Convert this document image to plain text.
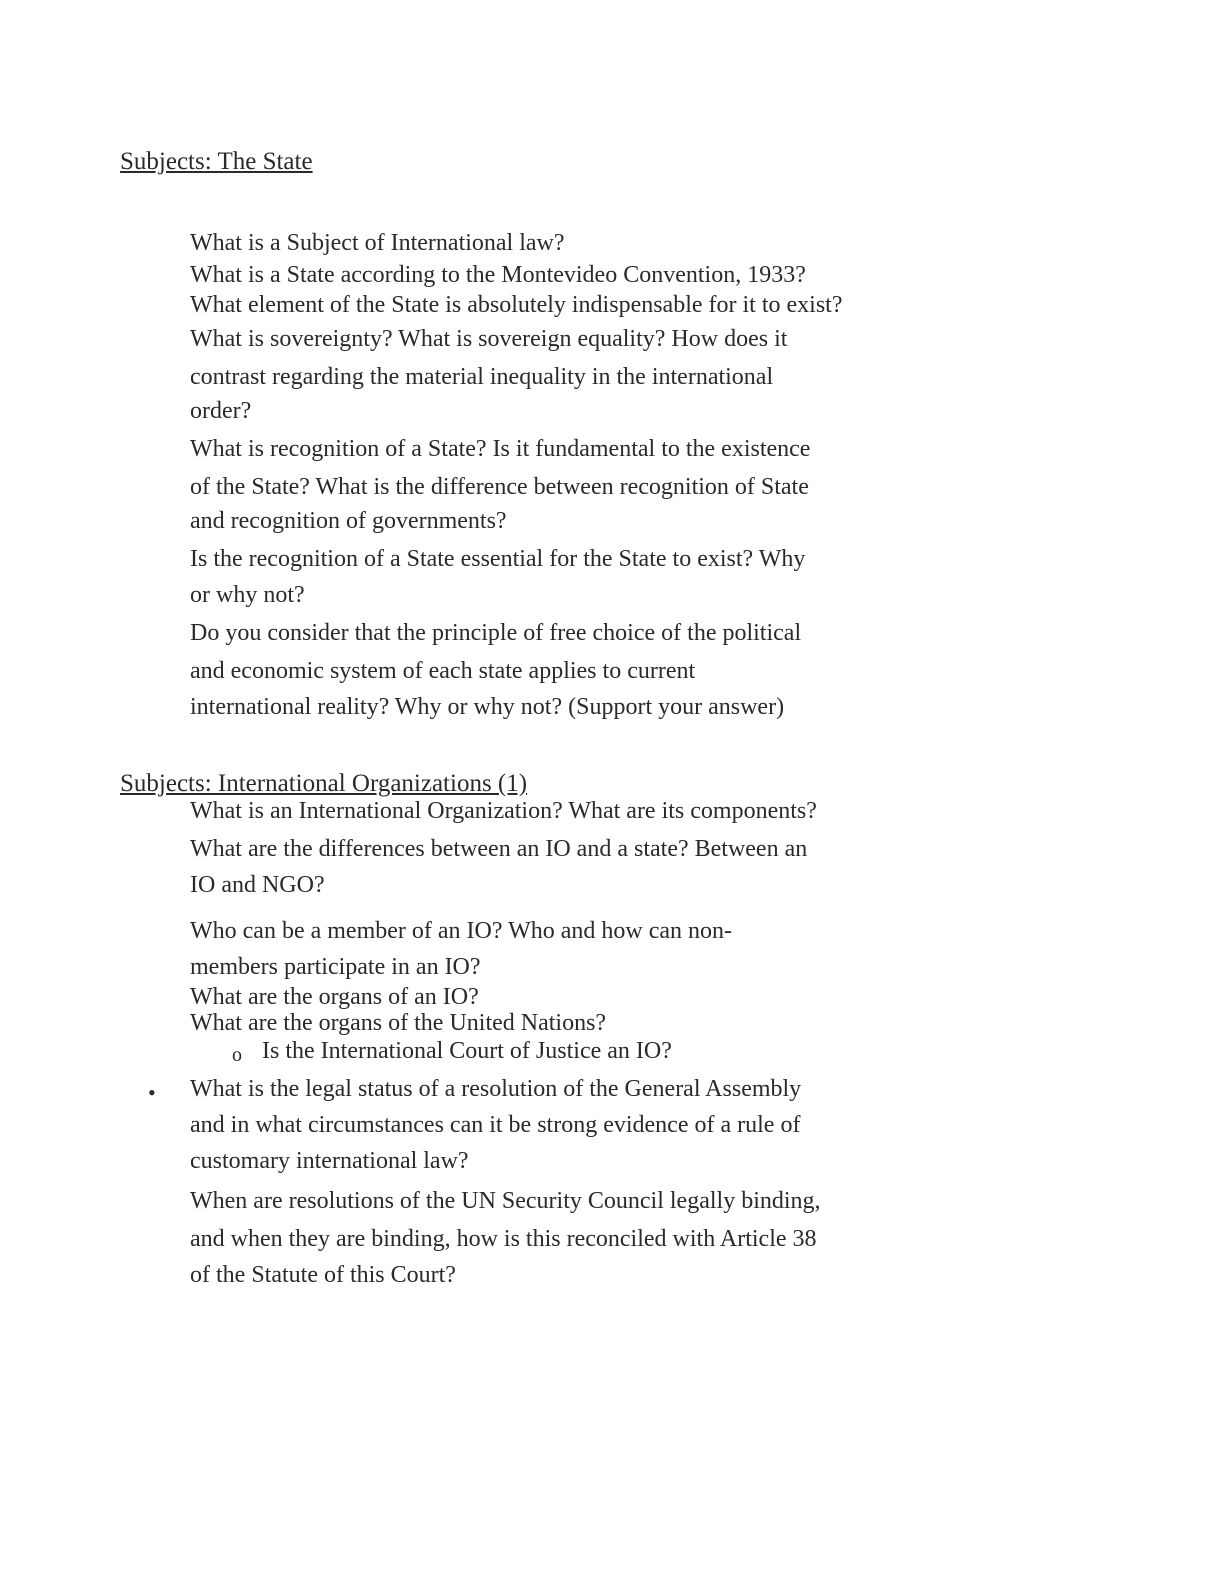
Subjects: The State

What is a Subject of International law?

What is a State according to the Montevideo Convention, 1933?

What element of the State is absolutely indispensable for it to exist?

What is sovereignty? What is sovereign equality? How does it

contrast regarding the material inequality in the international

order?

What is recognition of a State? Is it fundamental to the existence

of the State? What is the difference between recognition of State

and recognition of governments?

Is the recognition of a State essential for the State to exist? Why

or why not?

Do you consider that the principle of free choice of the political

and economic system of each state applies to current

international reality? Why or why not? (Support your answer)

Subjects: International Organizations (1)

What is an International Organization? What are its components?

What are the differences between an IO and a state? Between an

IO and NGO?

Who can be a member of an IO? Who and how can non-

members participate in an IO?

What are the organs of an IO?

What are the organs of the United Nations?

o Is the International Court of Justice an IO?

• What is the legal status of a resolution of the General Assembly

and in what circumstances can it be strong evidence of a rule of

customary international law?

When are resolutions of the UN Security Council legally binding,

and when they are binding, how is this reconciled with Article 38

of the Statute of this Court?
